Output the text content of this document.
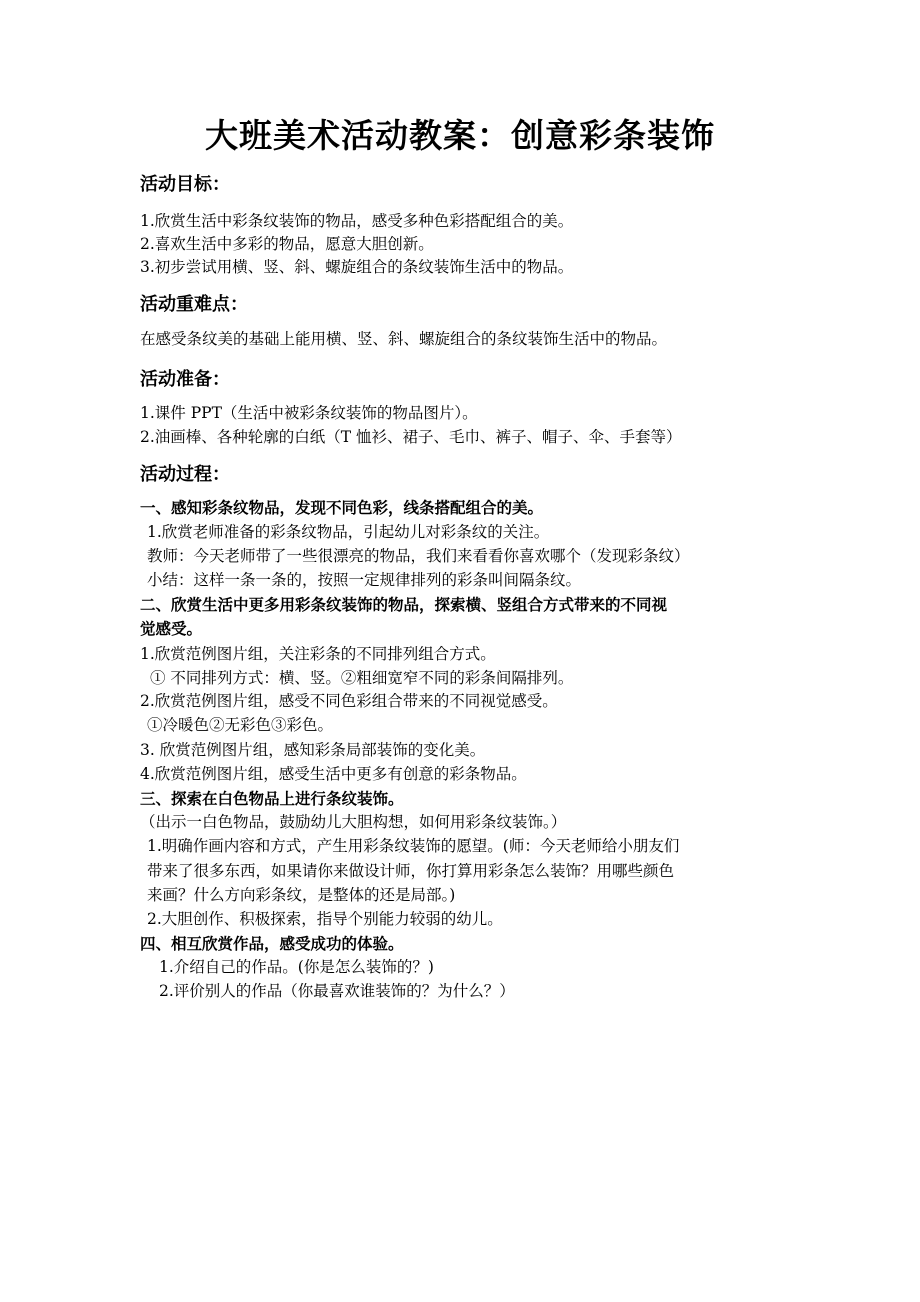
大班美术活动教案：创意彩条装饰
活动目标：
1.欣赏生活中彩条纹装饰的物品，感受多种色彩搭配组合的美。
2.喜欢生活中多彩的物品，愿意大胆创新。
3.初步尝试用横、竖、斜、螺旋组合的条纹装饰生活中的物品。
活动重难点：
在感受条纹美的基础上能用横、竖、斜、螺旋组合的条纹装饰生活中的物品。
活动准备：
1.课件 PPT（生活中被彩条纹装饰的物品图片）。
2.油画棒、各种轮廓的白纸（T 恤衫、裙子、毛巾、裤子、帽子、伞、手套等）
活动过程：
一、感知彩条纹物品，发现不同色彩，线条搭配组合的美。
1.欣赏老师准备的彩条纹物品，引起幼儿对彩条纹的关注。
教师：今天老师带了一些很漂亮的物品，我们来看看你喜欢哪个（发现彩条纹）
小结：这样一条一条的，按照一定规律排列的彩条叫间隔条纹。
二、欣赏生活中更多用彩条纹装饰的物品，探索横、竖组合方式带来的不同视
觉感受。
1.欣赏范例图片组，关注彩条的不同排列组合方式。
① 不同排列方式：横、竖。②粗细宽窄不同的彩条间隔排列。
2.欣赏范例图片组，感受不同色彩组合带来的不同视觉感受。
①冷暖色②无彩色③彩色。
3. 欣赏范例图片组，感知彩条局部装饰的变化美。
4.欣赏范例图片组，感受生活中更多有创意的彩条物品。
三、探索在白色物品上进行条纹装饰。
（出示一白色物品，鼓励幼儿大胆构想，如何用彩条纹装饰。）
1.明确作画内容和方式，产生用彩条纹装饰的愿望。(师：今天老师给小朋友们
带来了很多东西，如果请你来做设计师，你打算用彩条怎么装饰？用哪些颜色
来画？什么方向彩条纹，是整体的还是局部。)
2.大胆创作、积极探索，指导个别能力较弱的幼儿。
四、相互欣赏作品，感受成功的体验。
1.介绍自己的作品。(你是怎么装饰的？)
2.评价别人的作品（你最喜欢谁装饰的？为什么？）
